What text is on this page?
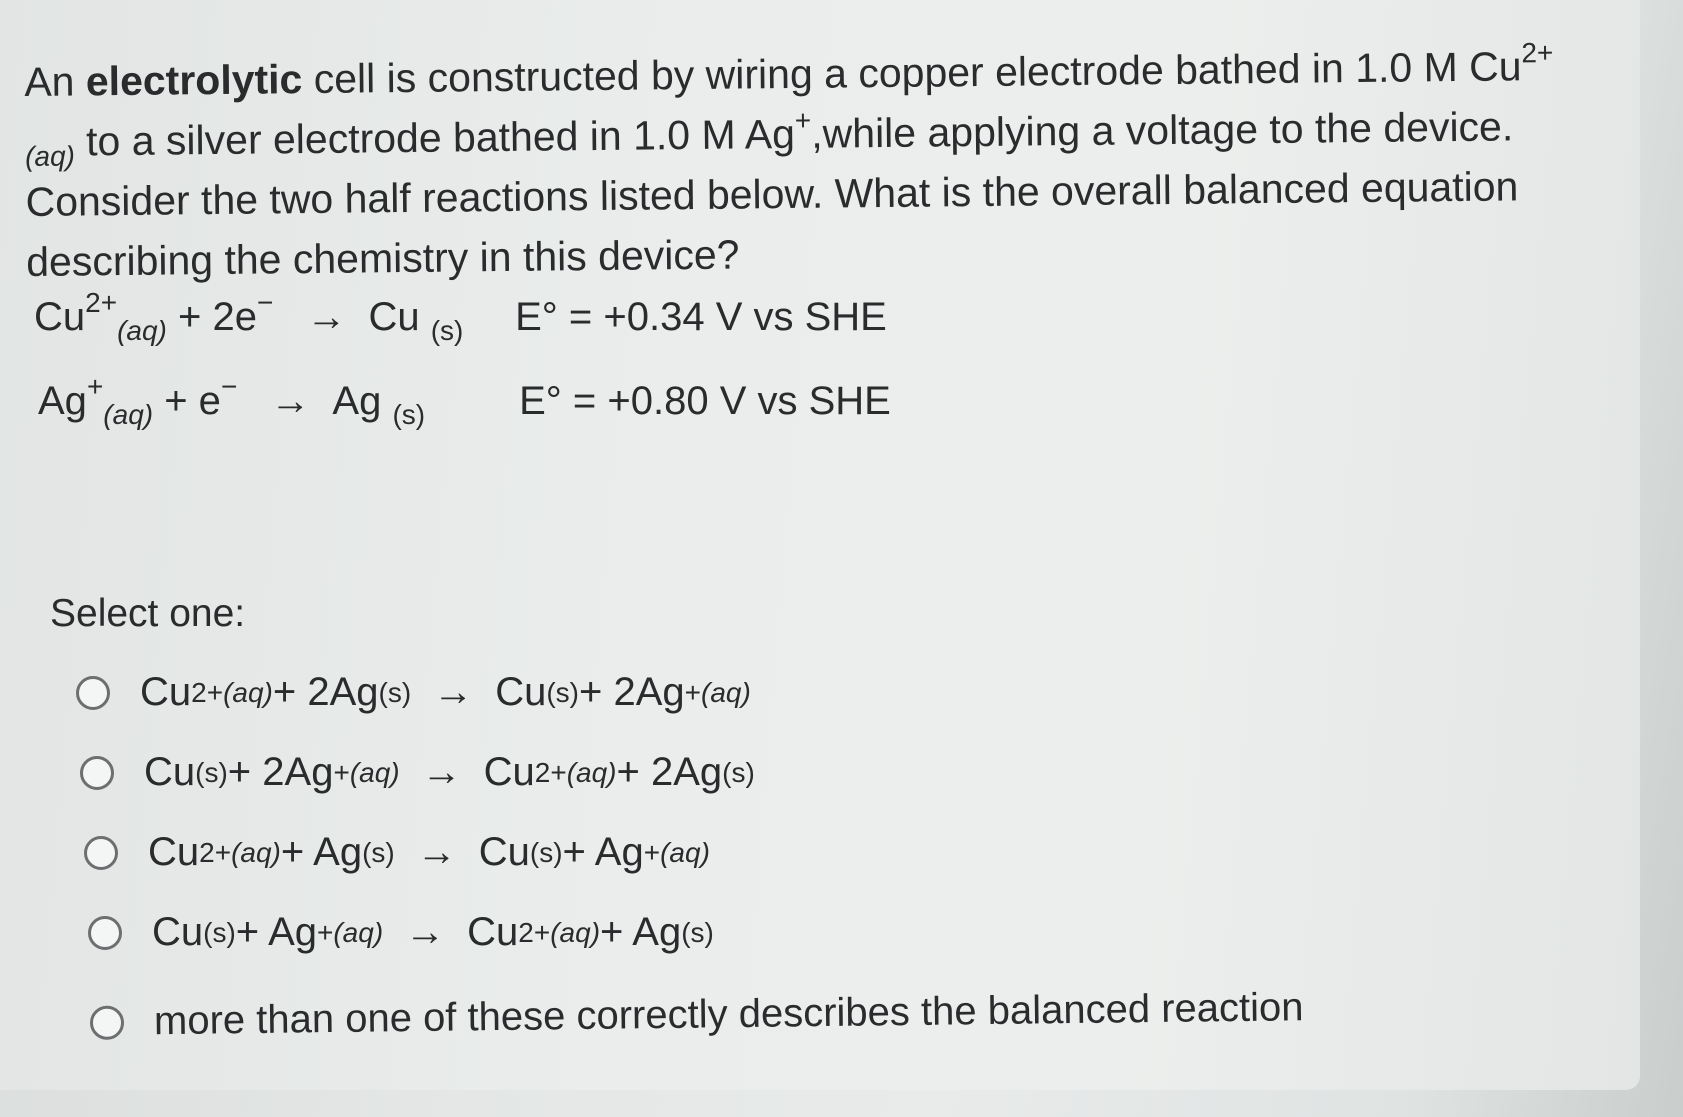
An electrolytic cell is constructed by wiring a copper electrode bathed in 1.0 M $Cu^{2+}_{(aq)}$ to a silver electrode bathed in 1.0 M Ag+,while applying a voltage to the device. Consider the two half reactions listed below. What is the overall balanced equation describing the chemistry in this device?
$Cu^{2+}_{(aq)} + 2e^- \to Cu$ $_{(s)}$ E° = +0.34 V vs SHE
$Ag^+_{(aq)} + e^- \to Ag$ $_{(s)}$ E° = +0.80 V vs SHE
Select one:
Cu 2+ (aq) + 2Ag (s) → Cu (s) + 2Ag + (aq)
Cu (s) + 2Ag + (aq) → Cu 2+ (aq) + 2Ag (s)
Cu 2+ (aq) + Ag (s) → Cu (s) + Ag + (aq)
Cu (s) + Ag + (aq) → Cu 2+ (aq) + Ag (s)
more than one of these correctly describes the balanced reaction
